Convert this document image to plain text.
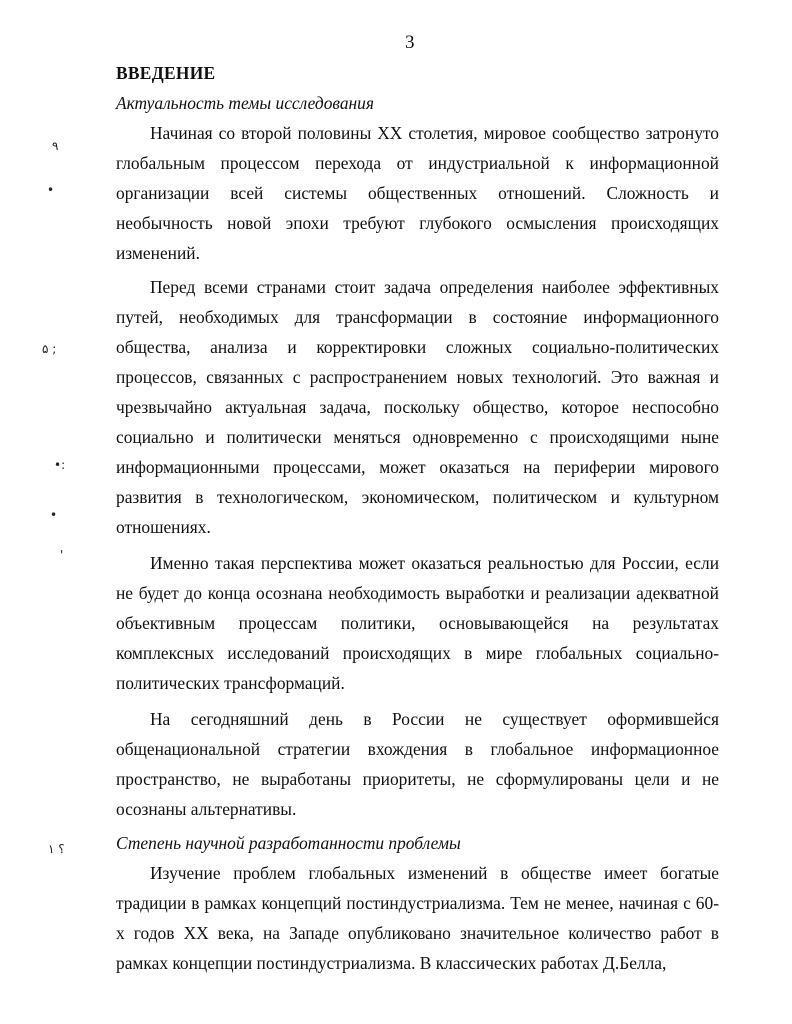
3
٩
•
۵ ;
•:
•
'
؟ ١

ВВЕДЕНИЕ

Актуальность темы исследования

Начиная со второй половины XX столетия, мировое сообщество затронуто глобальным процессом перехода от индустриальной к информационной организации всей системы общественных отношений. Сложность и необычность новой эпохи требуют глубокого осмысления происходящих изменений.

Перед всеми странами стоит задача определения наиболее эффективных путей, необходимых для трансформации в состояние информационного общества, анализа и корректировки сложных социально-политических процессов, связанных с распространением новых технологий. Это важная и чрезвычайно актуальная задача, поскольку общество, которое неспособно социально и политически меняться одновременно с происходящими ныне информационными процессами, может оказаться на периферии мирового развития в технологическом, экономическом, политическом и культурном отношениях.

Именно такая перспектива может оказаться реальностью для России, если не будет до конца осознана необходимость выработки и реализации адекватной объективным процессам политики, основывающейся на результатах комплексных исследований происходящих в мире глобальных социально-политических трансформаций.

На сегодняшний день в России не существует оформившейся общенациональной стратегии вхождения в глобальное информационное пространство, не выработаны приоритеты, не сформулированы цели и не осознаны альтернативы.

Степень научной разработанности проблемы

Изучение проблем глобальных изменений в обществе имеет богатые традиции в рамках концепций постиндустриализма. Тем не менее, начиная с 60-х годов XX века, на Западе опубликовано значительное количество работ в рамках концепции постиндустриализма. В классических работах Д.Белла,
